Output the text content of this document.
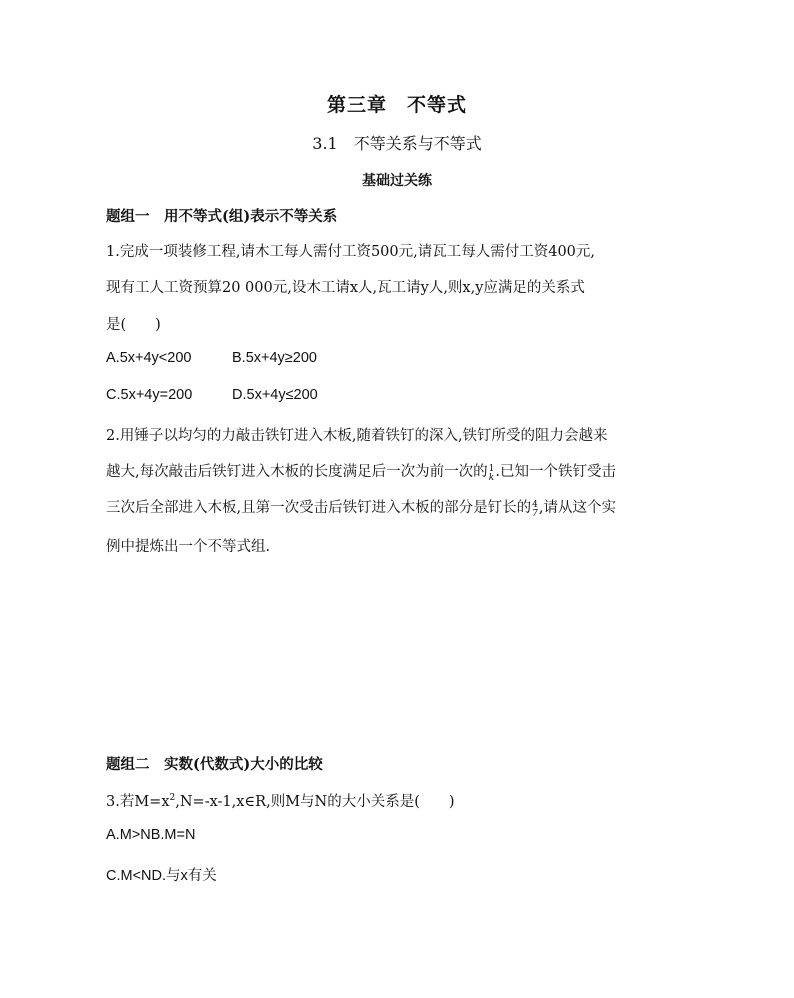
第三章　不等式
3.1　不等关系与不等式
基础过关练
题组一　用不等式(组)表示不等关系
1.完成一项装修工程,请木工每人需付工资500元,请瓦工每人需付工资400元,
现有工人工资预算20 000元,设木工请x人,瓦工请y人,则x,y应满足的关系式
是(　　)
A.5x+4y<200	B.5x+4y≥200
C.5x+4y=200	D.5x+4y≤200
2.用锤子以均匀的力敲击铁钉进入木板,随着铁钉的深入,铁钉所受的阻力会越来
越大,每次敲击后铁钉进入木板的长度满足后一次为前一次的 1
k .已知一个铁钉受击
三次后全部进入木板,且第一次受击后铁钉进入木板的部分是钉长的 4
7 ,请从这个实
例中提炼出一个不等式组.
题组二　实数(代数式)大小的比较
3.若$M=x^2,N=-x-1,x\in R$,则M与N的大小关系是(　　)
A.M>NB.M=N
C.M<ND.与x有关
